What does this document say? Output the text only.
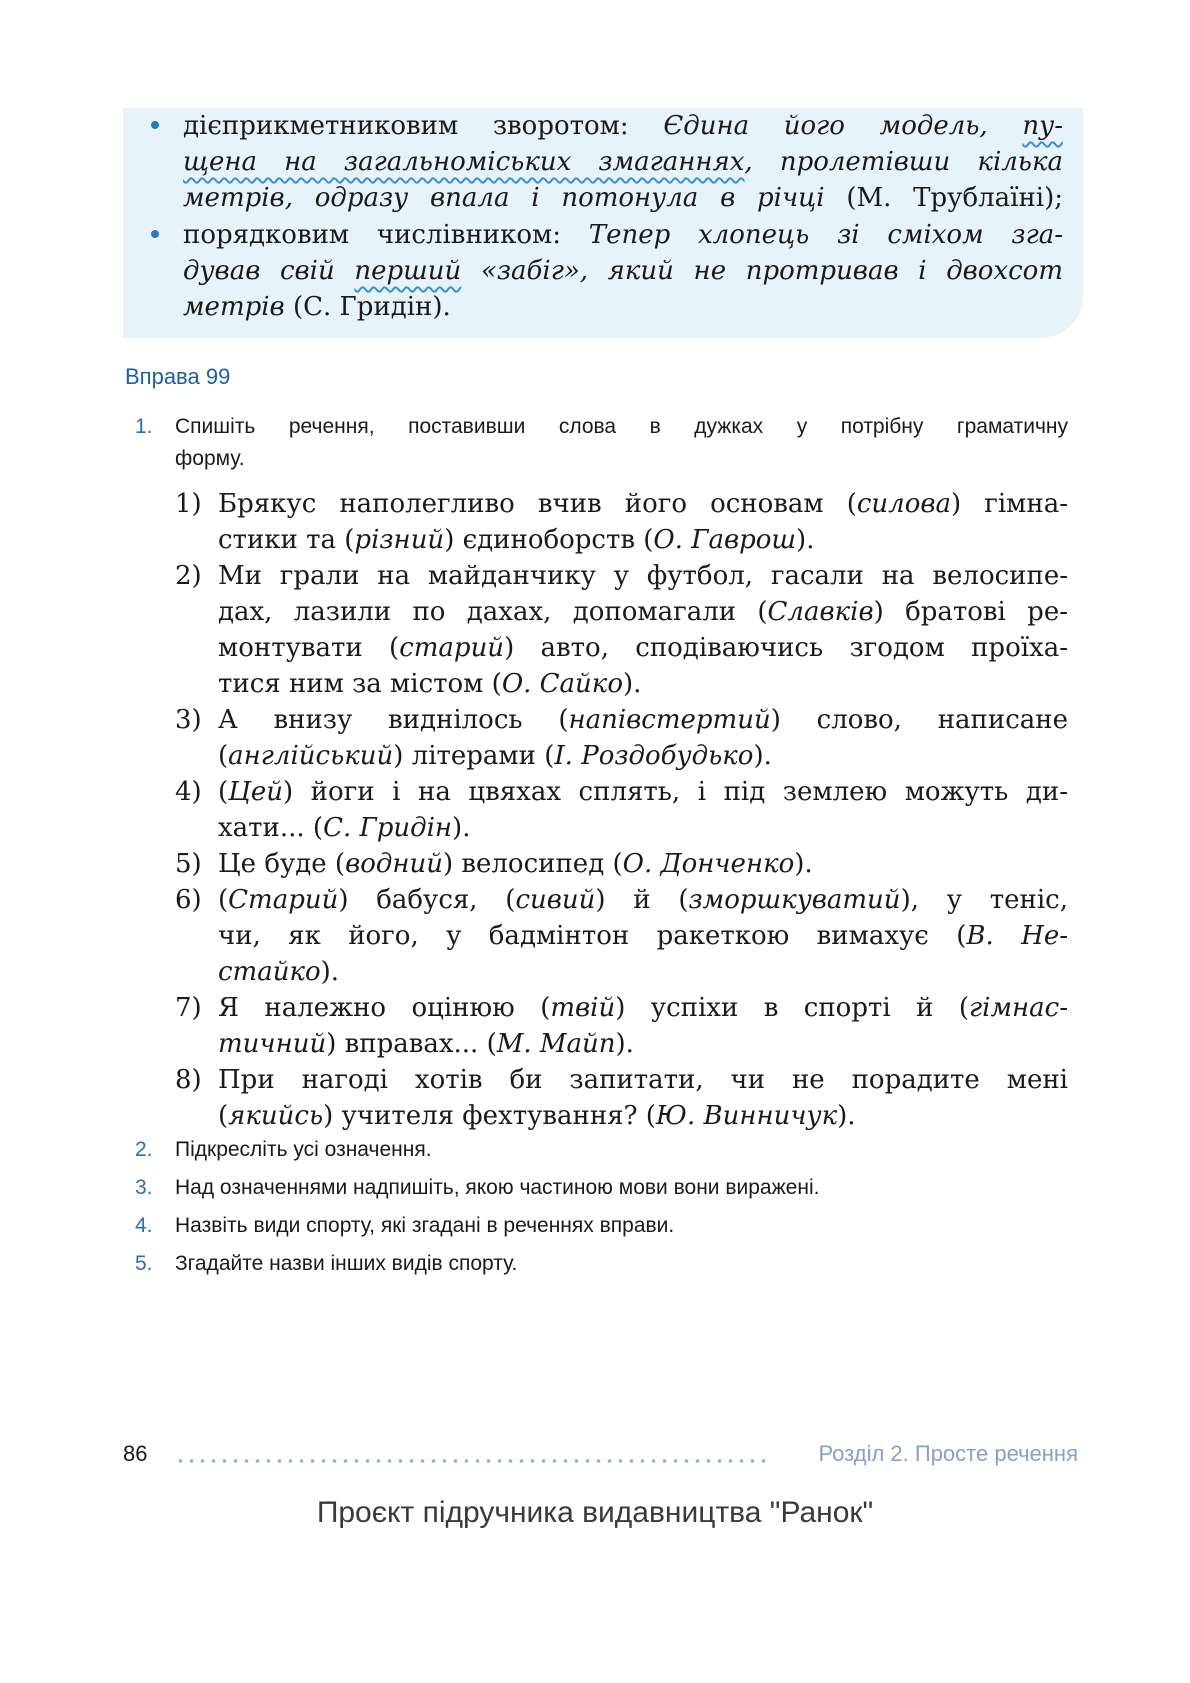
дієприкметниковим зворотом: Єдина його модель, пу-
щена на загальноміських змаганнях, пролетівши кілька
метрів, одразу впала і потонула в річці (М. Трублаїні);
порядковим числівником: Тепер хлопець зі сміхом зга-
дував свій перший «забіг», який не протривав і двохсот
метрів (С. Гридін).
Вправа 99
1.	Спишіть речення, поставивши слова в дужках у потрібну граматичну
форму.
1) Брякус наполегливо вчив його основам (силова) гімна-
стики та (різний) єдиноборств (О. Гаврош).
2) Ми грали на майданчику у футбол, гасали на велосипе-
дах, лазили по дахах, допомагали (Славків) братові ре-
монтувати (старий) авто, сподіваючись згодом проїха-
тися ним за містом (О. Сайко).
3) А внизу виднілось (напівстертий) слово, написане
(англійський) літерами (І. Роздобудько).
4) (Цей) йоги і на цвяхах сплять, і під землею можуть ди-
хати... (С. Гридін).
5) Це буде (водний) велосипед (О. Донченко).
6) (Старий) бабуся, (сивий) й (зморшкуватий), у теніс,
чи, як його, у бадмінтон ракеткою вимахує (В. Не-
стайко).
7) Я належно оцінюю (твій) успіхи в спорті й (гімнас-
тичний) вправах... (М. Майп).
8) При нагоді хотів би запитати, чи не порадите мені
(якийсь) учителя фехтування? (Ю. Винничук).
2.	Підкресліть усі означення.
3.	Над означеннями надпишіть, якою частиною мови вони виражені.
4.	Назвіть види спорту, які згадані в реченнях вправи.
5.	Згадайте назви інших видів спорту.
86	Розділ 2. Просте речення
Проєкт підручника видавництва "Ранок"
